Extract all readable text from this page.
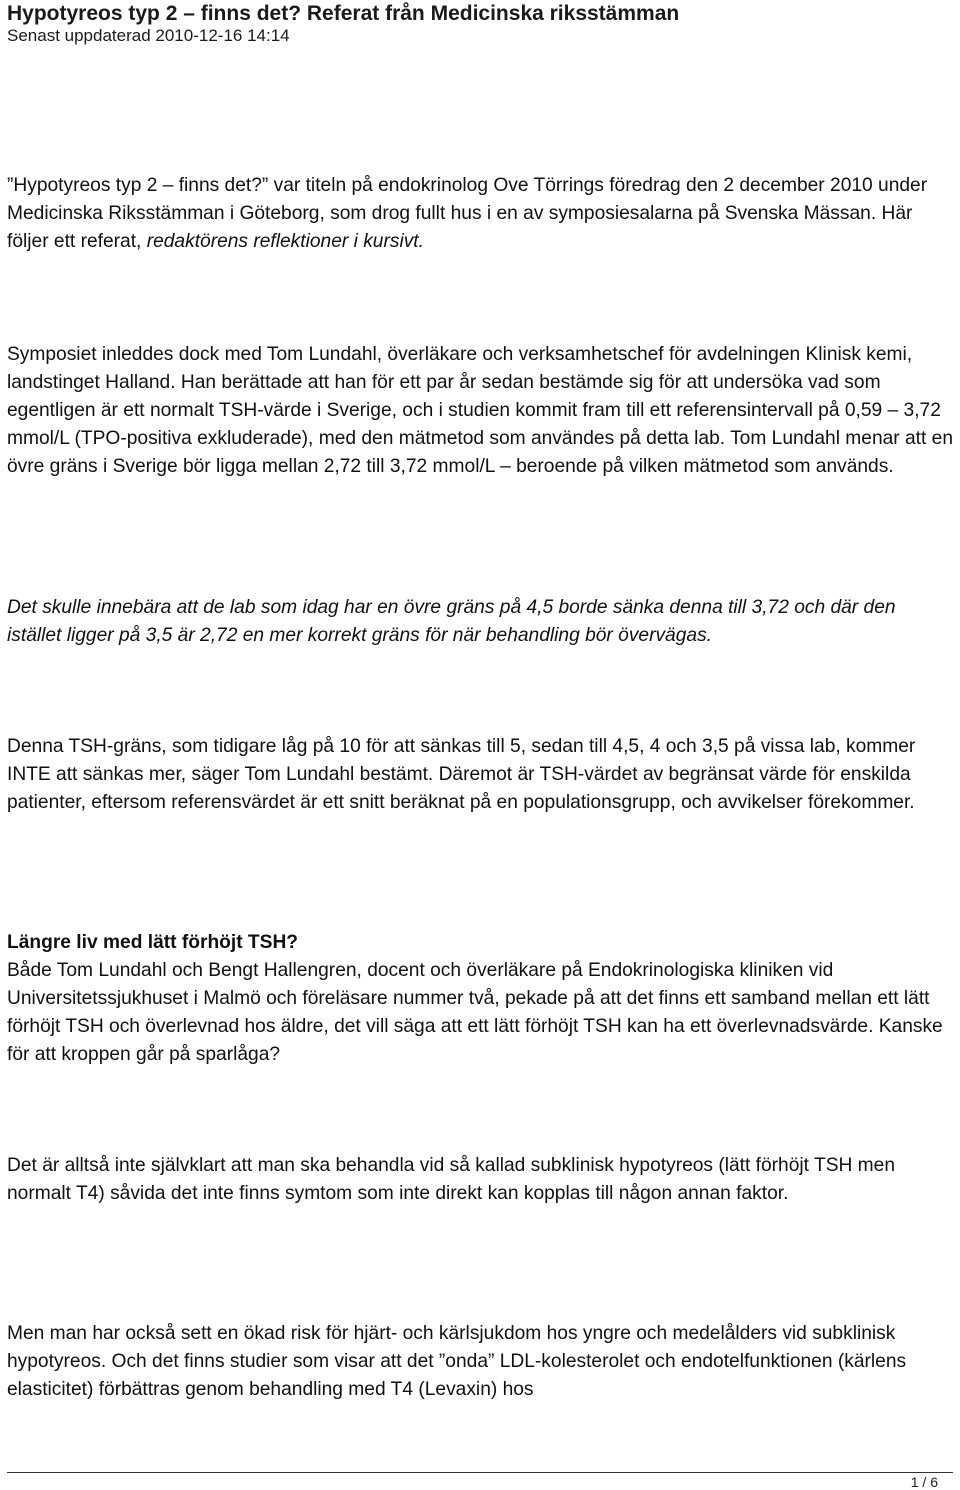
Hypotyreos typ 2 – finns det? Referat från Medicinska riksstämman
Senast uppdaterad 2010-12-16 14:14

”Hypotyreos typ 2 – finns det?” var titeln på endokrinolog Ove Törrings föredrag den 2 december 2010 under Medicinska Riksstämman i Göteborg, som drog fullt hus i en av symposiesalarna på Svenska Mässan. Här följer ett referat, redaktörens reflektioner i kursivt.

Symposiet inleddes dock med Tom Lundahl, överläkare och verksamhetschef för avdelningen Klinisk kemi, landstinget Halland. Han berättade att han för ett par år sedan bestämde sig för att undersöka vad som egentligen är ett normalt TSH-värde i Sverige, och i studien kommit fram till ett referensintervall på 0,59 – 3,72 mmol/L (TPO-positiva exkluderade), med den mätmetod som användes på detta lab. Tom Lundahl menar att en övre gräns i Sverige bör ligga mellan 2,72 till 3,72 mmol/L – beroende på vilken mätmetod som används.

Det skulle innebära att de lab som idag har en övre gräns på 4,5 borde sänka denna till 3,72 och där den istället ligger på 3,5 är 2,72 en mer korrekt gräns för när behandling bör övervägas.

Denna TSH-gräns, som tidigare låg på 10 för att sänkas till 5, sedan till 4,5, 4 och 3,5 på vissa lab, kommer INTE att sänkas mer, säger Tom Lundahl bestämt. Däremot är TSH-värdet av begränsat värde för enskilda patienter, eftersom referensvärdet är ett snitt beräknat på en populationsgrupp, och avvikelser förekommer.

Längre liv med lätt förhöjt TSH?

Både Tom Lundahl och Bengt Hallengren, docent och överläkare på Endokrinologiska kliniken vid Universitetssjukhuset i Malmö och föreläsare nummer två, pekade på att det finns ett samband mellan ett lätt förhöjt TSH och överlevnad hos äldre, det vill säga att ett lätt förhöjt TSH kan ha ett överlevnadsvärde. Kanske för att kroppen går på sparlåga?

Det är alltså inte självklart att man ska behandla vid så kallad subklinisk hypotyreos (lätt förhöjt TSH men normalt T4) såvida det inte finns symtom som inte direkt kan kopplas till någon annan faktor.

Men man har också sett en ökad risk för hjärt- och kärlsjukdom hos yngre och medelålders vid subklinisk hypotyreos. Och det finns studier som visar att det ”onda” LDL-kolesterolet och endotelfunktionen (kärlens elasticitet) förbättras genom behandling med T4 (Levaxin) hos

1 / 6
